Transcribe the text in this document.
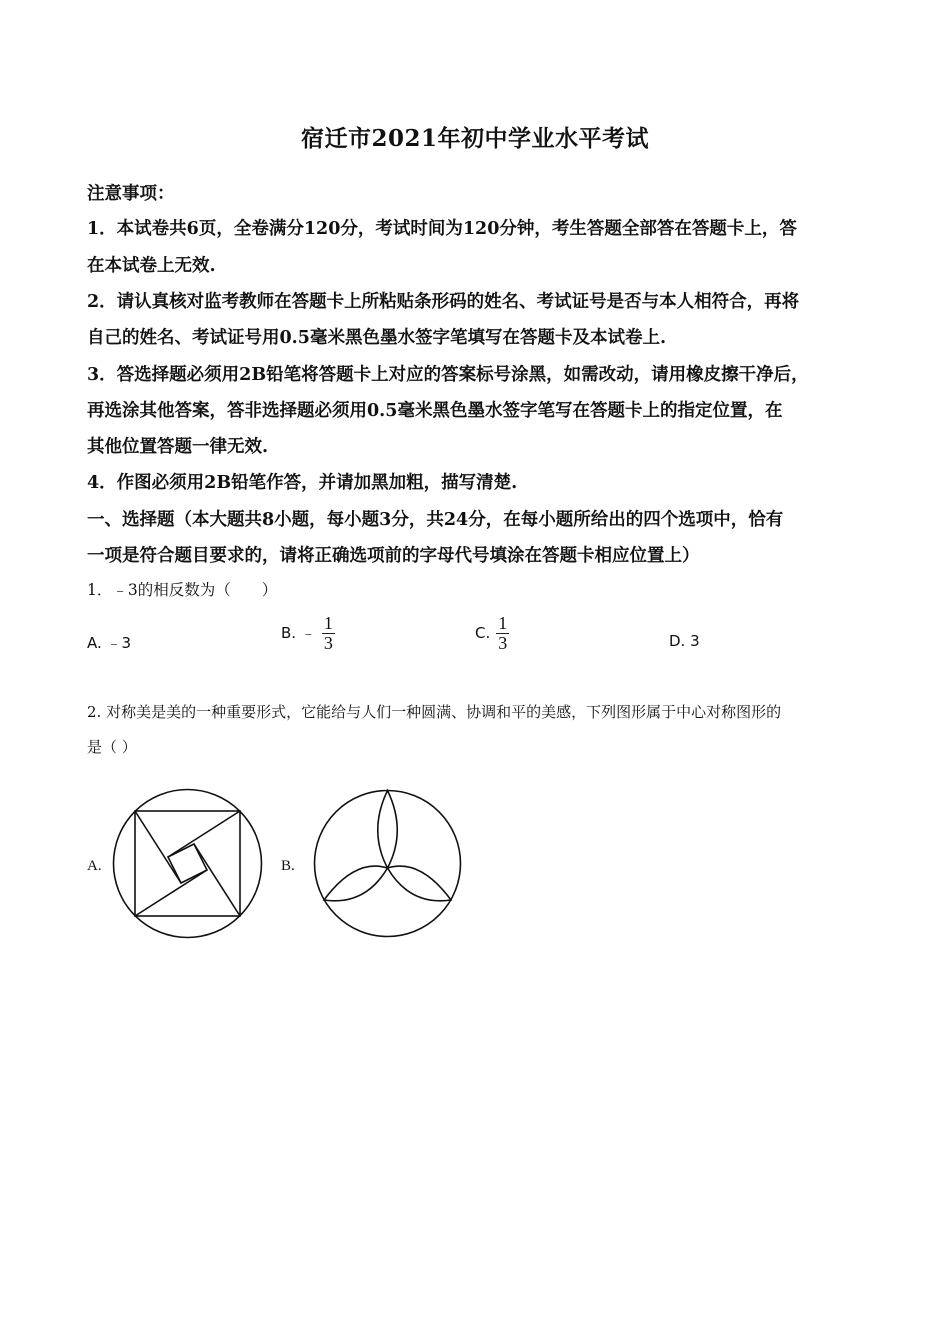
宿迁市2021年初中学业水平考试
注意事项：
1．本试卷共6页，全卷满分120分，考试时间为120分钟，考生答题全部答在答题卡上，答
在本试卷上无效.
2．请认真核对监考教师在答题卡上所粘贴条形码的姓名、考试证号是否与本人相符合，再将
自己的姓名、考试证号用0.5毫米黑色墨水签字笔填写在答题卡及本试卷上.
3．答选择题必须用2B铅笔将答题卡上对应的答案标号涂黑，如需改动，请用橡皮擦干净后，
再选涂其他答案，答非选择题必须用0.5毫米黑色墨水签字笔写在答题卡上的指定位置，在
其他位置答题一律无效.
4．作图必须用2B铅笔作答，并请加黑加粗，描写清楚.
一、选择题（本大题共8小题，每小题3分，共24分，在每小题所给出的四个选项中，恰有
一项是符合题目要求的，请将正确选项前的字母代号填涂在答题卡相应位置上）
1．﹣3的相反数为（　　）
A. ﹣3
B. ﹣ $\frac{1}{3}$	C. $\frac{1}{3}$	D. 3
2. 对称美是美的一种重要形式，它能给与人们一种圆满、协调和平的美感，下列图形属于中心对称图形的
是（ ）
A.	B.
